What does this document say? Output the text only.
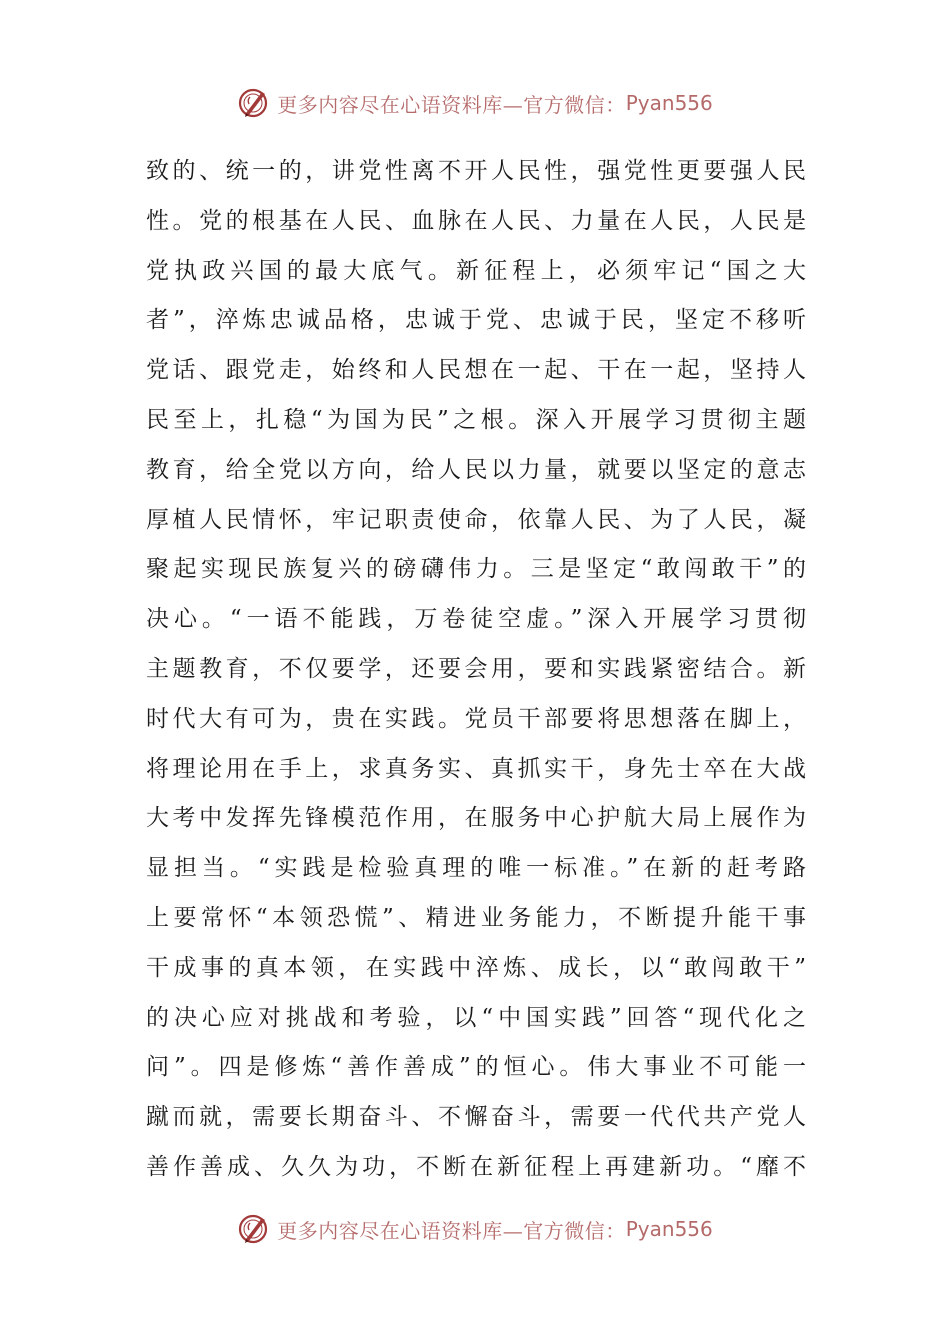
更多内容尽在心语资料库—官方微信： Pyan556
致的、统一的，讲党性离不开人民性，强党性更要强人民
性。党的根基在人民、血脉在人民、力量在人民，人民是
党执政兴国的最大底气。新征程上，必须牢记“国之大
者”，淬炼忠诚品格，忠诚于党、忠诚于民，坚定不移听
党话、跟党走，始终和人民想在一起、干在一起，坚持人
民至上，扎稳“为国为民”之根。深入开展学习贯彻主题
教育，给全党以方向，给人民以力量，就要以坚定的意志
厚植人民情怀，牢记职责使命，依靠人民、为了人民，凝
聚起实现民族复兴的磅礴伟力。三是坚定“敢闯敢干”的
决心。“一语不能践，万卷徒空虚。”深入开展学习贯彻
主题教育，不仅要学，还要会用，要和实践紧密结合。新
时代大有可为，贵在实践。党员干部要将思想落在脚上，
将理论用在手上，求真务实、真抓实干，身先士卒在大战
大考中发挥先锋模范作用，在服务中心护航大局上展作为
显担当。“实践是检验真理的唯一标准。”在新的赶考路
上要常怀“本领恐慌”、精进业务能力，不断提升能干事
干成事的真本领，在实践中淬炼、成长，以“敢闯敢干”
的决心应对挑战和考验，以“中国实践”回答“现代化之
问”。四是修炼“善作善成”的恒心。伟大事业不可能一
蹴而就，需要长期奋斗、不懈奋斗，需要一代代共产党人
善作善成、久久为功，不断在新征程上再建新功。“靡不
更多内容尽在心语资料库—官方微信： Pyan556
